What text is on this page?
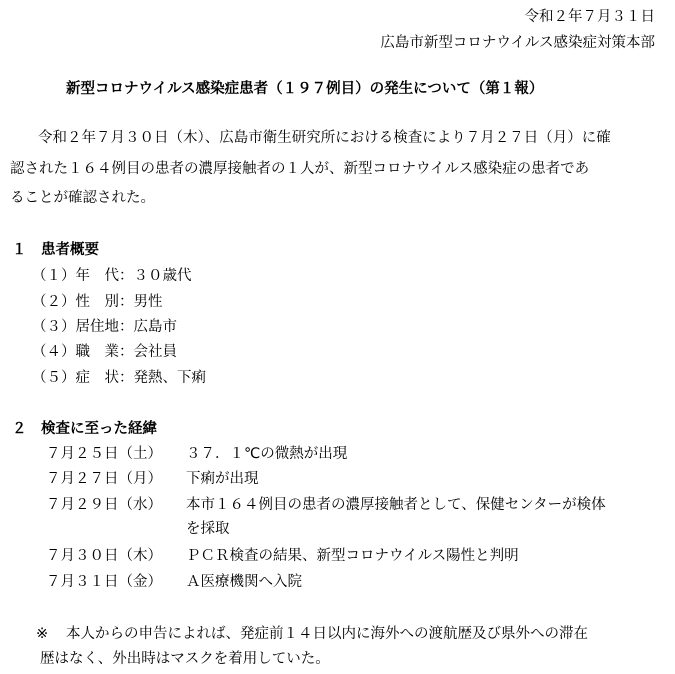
令和２年７月３１日
広島市新型コロナウイルス感染症対策本部
新型コロナウイルス感染症患者（１９７例目）の発生について（第１報）
令和２年７月３０日（木）、広島市衛生研究所における検査により７月２７日（月）に確
認された１６４例目の患者の濃厚接触者の１人が、新型コロナウイルス感染症の患者であ
ることが確認された。
１　患者概要
（１）年　代：３０歳代
（２）性　別：男性
（３）居住地：広島市
（４）職　業：会社員
（５）症　状：発熱、下痢
２　検査に至った経緯
７月２５日（土） ３７．１℃の微熱が出現
７月２７日（月） 下痢が出現
７月２９日（水） 本市１６４例目の患者の濃厚接触者として、保健センターが検体
を採取
７月３０日（木） ＰＣＲ検査の結果、新型コロナウイルス陽性と判明
７月３１日（金） Ａ医療機関へ入院
※ 本人からの申告によれば、発症前１４日以内に海外への渡航歴及び県外への滞在
歴はなく、外出時はマスクを着用していた。
